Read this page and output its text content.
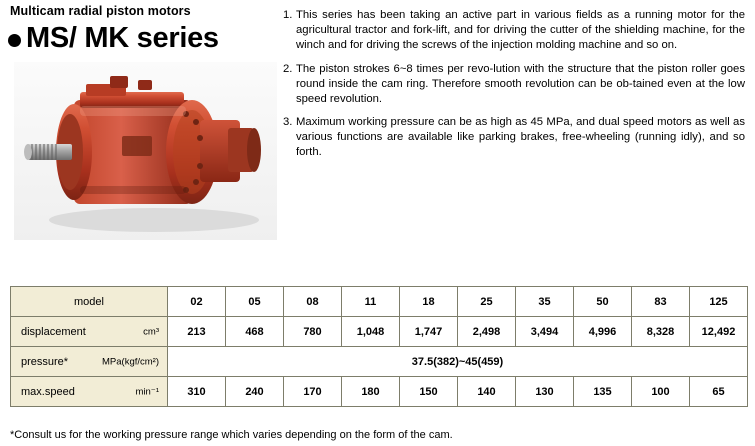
Multicam radial piston motors
MS/ MK series
1. This series has been taking an active part in various fields as a running motor for the agricultural tractor and fork-lift, and for driving the cutter of the shielding machine, for the winch and for driving the screws of the injection molding machine and so on.
2. The piston strokes 6~8 times per revo-lution with the structure that the piston roller goes round inside the cam ring. Therefore smooth revolution can be ob-tained even at the low speed revolution.
3. Maximum working pressure can be as high as 45 MPa, and dual speed motors as well as various functions are available like parking brakes, free-wheeling (running idly), and so forth.
model	02	05	08	11	18	25	35	50	83	125
displacement cm³	213	468	780	1,048	1,747	2,498	3,494	4,996	8,328	12,492
pressure* MPa(kgf/cm²)	37.5(382)~45(459)									
max.speed min⁻¹	310	240	170	180	150	140	130	135	100	65
*Consult us for the working pressure range which varies depending on the form of the cam.
